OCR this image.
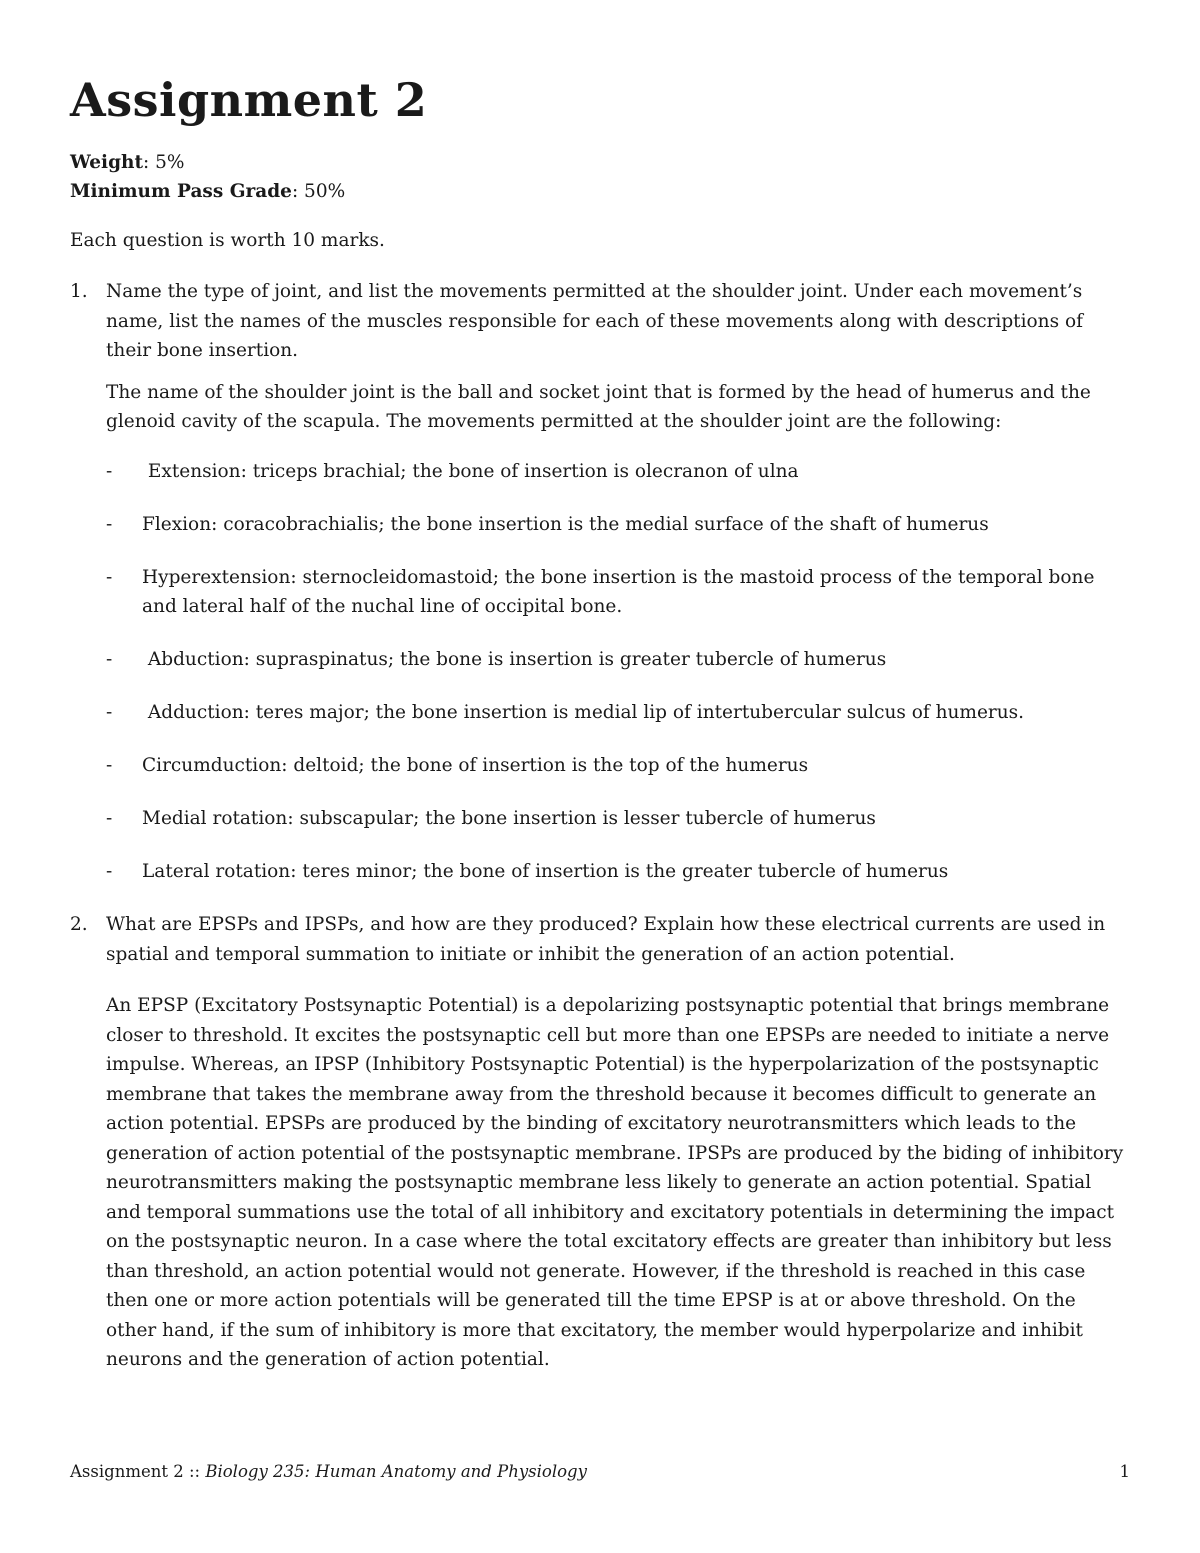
Assignment 2
Weight: 5%
Minimum Pass Grade: 50%
Each question is worth 10 marks.
1. Name the type of joint, and list the movements permitted at the shoulder joint. Under each movement’s name, list the names of the muscles responsible for each of these movements along with descriptions of their bone insertion.
The name of the shoulder joint is the ball and socket joint that is formed by the head of humerus and the glenoid cavity of the scapula. The movements permitted at the shoulder joint are the following:
- Extension: triceps brachial; the bone of insertion is olecranon of ulna
- Flexion: coracobrachialis; the bone insertion is the medial surface of the shaft of humerus
- Hyperextension: sternocleidomastoid; the bone insertion is the mastoid process of the temporal bone and lateral half of the nuchal line of occipital bone.
- Abduction: supraspinatus; the bone is insertion is greater tubercle of humerus
- Adduction: teres major; the bone insertion is medial lip of intertubercular sulcus of humerus.
- Circumduction: deltoid; the bone of insertion is the top of the humerus
- Medial rotation: subscapular; the bone insertion is lesser tubercle of humerus
- Lateral rotation: teres minor; the bone of insertion is the greater tubercle of humerus
2. What are EPSPs and IPSPs, and how are they produced? Explain how these electrical currents are used in spatial and temporal summation to initiate or inhibit the generation of an action potential.
An EPSP (Excitatory Postsynaptic Potential) is a depolarizing postsynaptic potential that brings membrane closer to threshold. It excites the postsynaptic cell but more than one EPSPs are needed to initiate a nerve impulse. Whereas, an IPSP (Inhibitory Postsynaptic Potential) is the hyperpolarization of the postsynaptic membrane that takes the membrane away from the threshold because it becomes difficult to generate an action potential. EPSPs are produced by the binding of excitatory neurotransmitters which leads to the generation of action potential of the postsynaptic membrane. IPSPs are produced by the biding of inhibitory neurotransmitters making the postsynaptic membrane less likely to generate an action potential. Spatial and temporal summations use the total of all inhibitory and excitatory potentials in determining the impact on the postsynaptic neuron. In a case where the total excitatory effects are greater than inhibitory but less than threshold, an action potential would not generate. However, if the threshold is reached in this case then one or more action potentials will be generated till the time EPSP is at or above threshold. On the other hand, if the sum of inhibitory is more that excitatory, the member would hyperpolarize and inhibit neurons and the generation of action potential.
Assignment 2 :: Biology 235: Human Anatomy and Physiology	1
